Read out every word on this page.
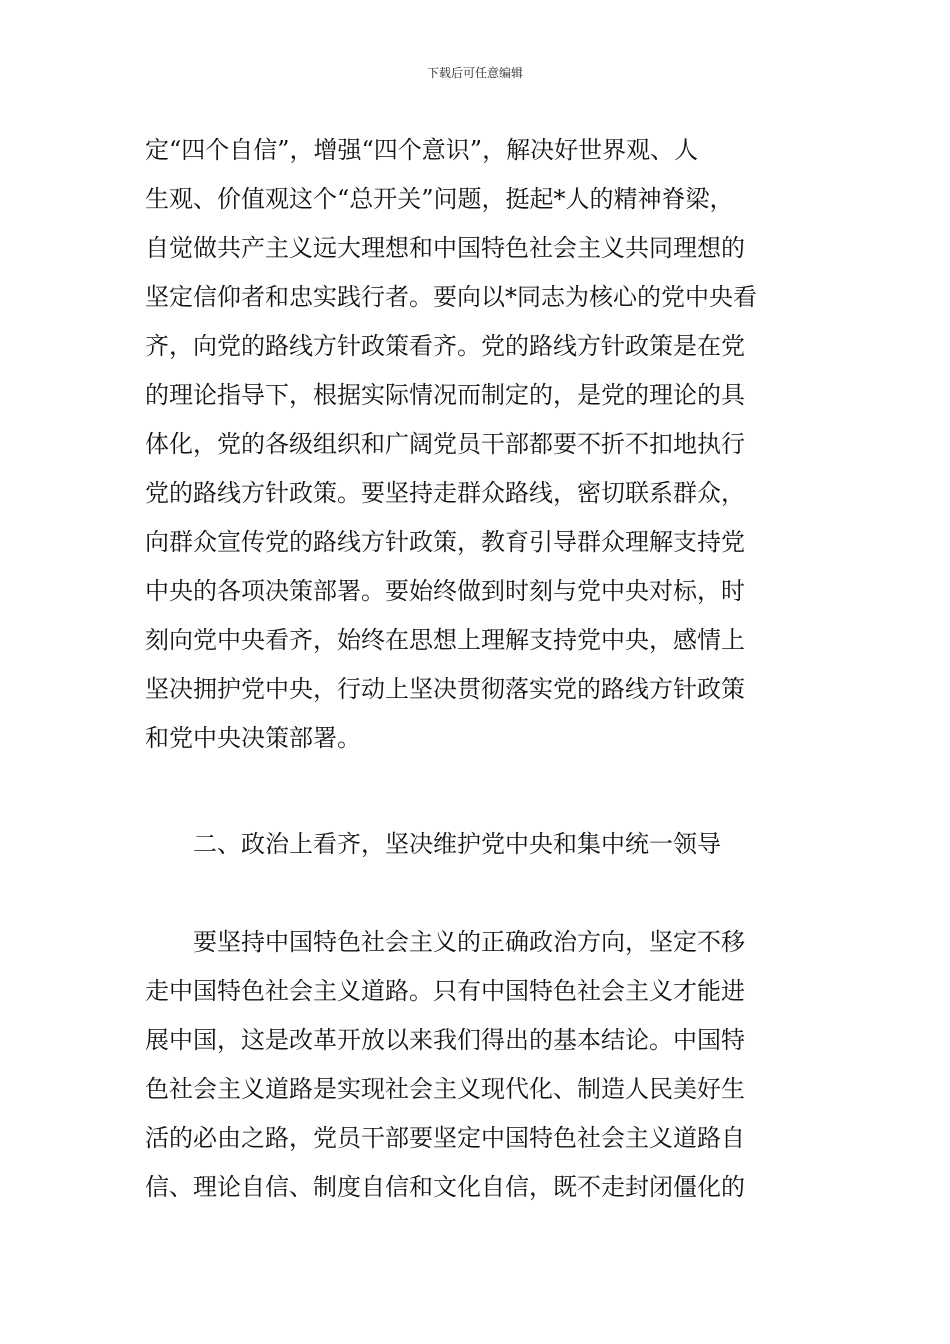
下载后可任意编辑
定“四个自信”，增强“四个意识”，解决好世界观、人
生观、价值观这个“总开关”问题，挺起*人的精神脊梁，
自觉做共产主义远大理想和中国特色社会主义共同理想的
坚定信仰者和忠实践行者。要向以*同志为核心的党中央看
齐，向党的路线方针政策看齐。党的路线方针政策是在党
的理论指导下，根据实际情况而制定的，是党的理论的具
体化，党的各级组织和广阔党员干部都要不折不扣地执行
党的路线方针政策。要坚持走群众路线，密切联系群众，
向群众宣传党的路线方针政策，教育引导群众理解支持党
中央的各项决策部署。要始终做到时刻与党中央对标，时
刻向党中央看齐，始终在思想上理解支持党中央，感情上
坚决拥护党中央，行动上坚决贯彻落实党的路线方针政策
和党中央决策部署。
二、政治上看齐，坚决维护党中央和集中统一领导
要坚持中国特色社会主义的正确政治方向，坚定不移
走中国特色社会主义道路。只有中国特色社会主义才能进
展中国，这是改革开放以来我们得出的基本结论。中国特
色社会主义道路是实现社会主义现代化、制造人民美好生
活的必由之路，党员干部要坚定中国特色社会主义道路自
信、理论自信、制度自信和文化自信，既不走封闭僵化的
